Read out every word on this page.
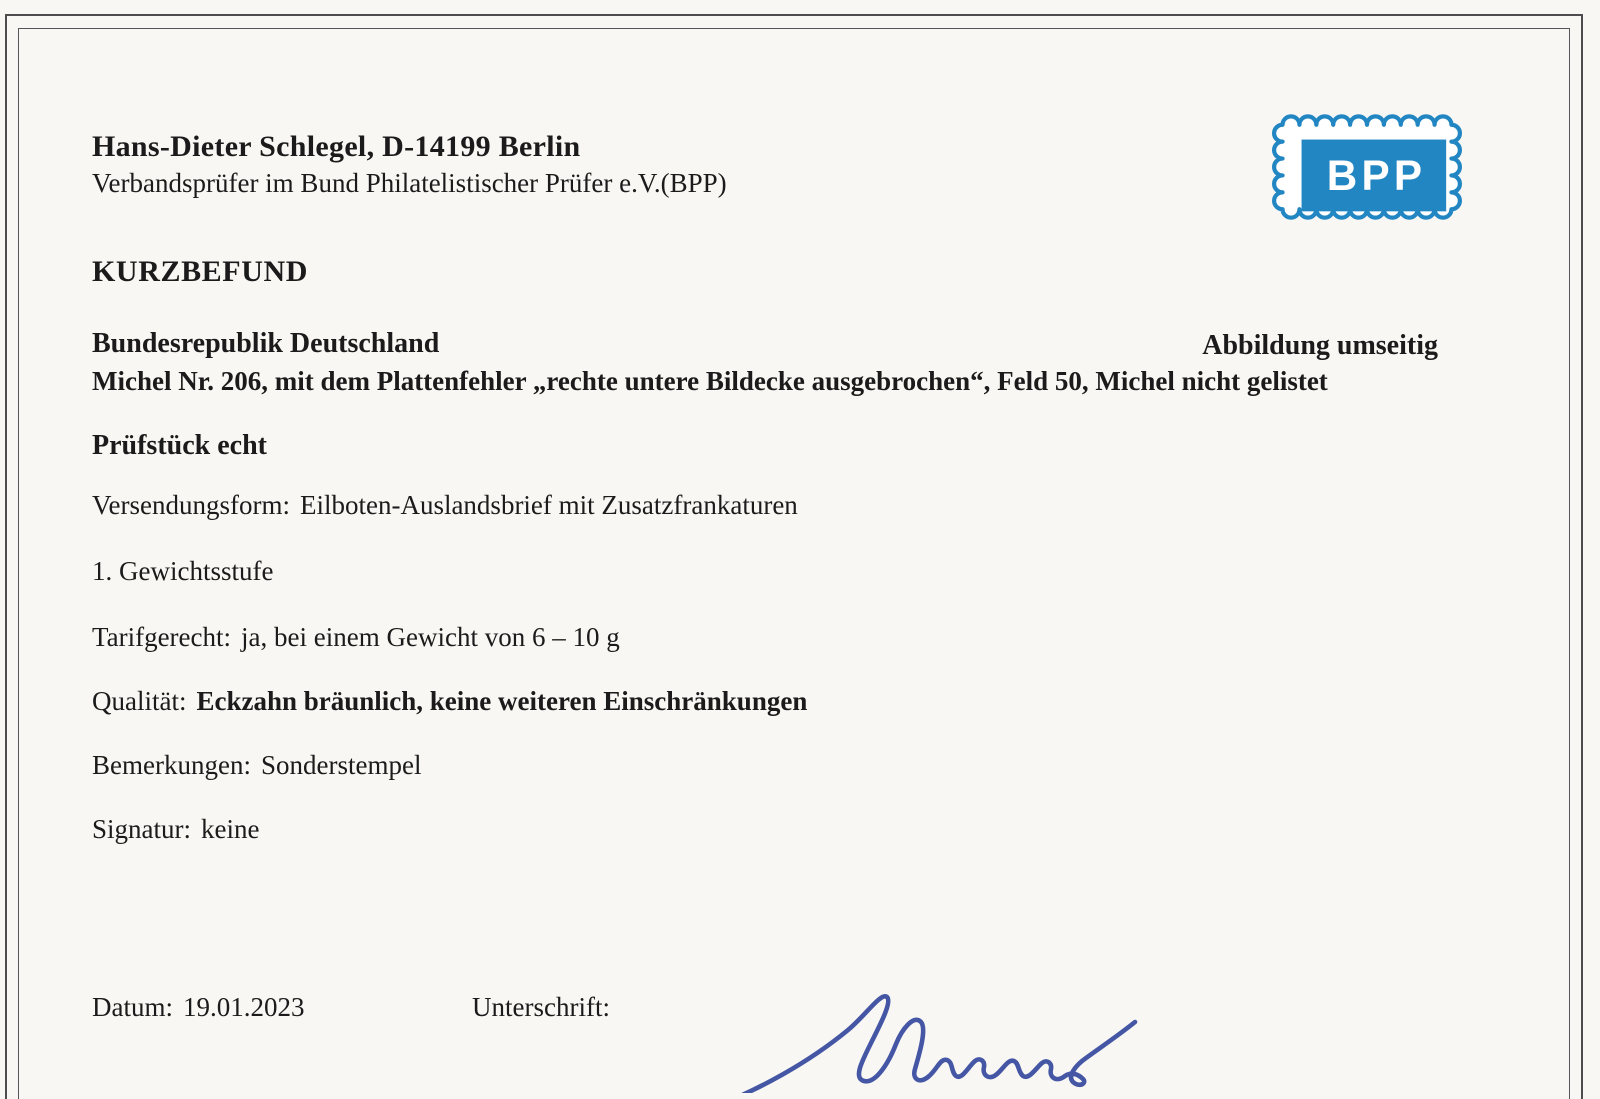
Hans-Dieter Schlegel, D-14199 Berlin
Verbandsprüfer im Bund Philatelistischer Prüfer e.V.(BPP)	BPP
KURZBEFUND
Bundesrepublik Deutschland	Abbildung umseitig
Michel Nr. 206, mit dem Plattenfehler „rechte untere Bildecke ausgebrochen“, Feld 50, Michel nicht gelistet
Prüfstück echt
Versendungsform: Eilboten-Auslandsbrief mit Zusatzfrankaturen
1. Gewichtsstufe
Tarifgerecht: ja, bei einem Gewicht von 6 – 10 g
Qualität: Eckzahn bräunlich, keine weiteren Einschränkungen
Bemerkungen: Sonderstempel
Signatur: keine
Datum: 19.01.2023	Unterschrift:
